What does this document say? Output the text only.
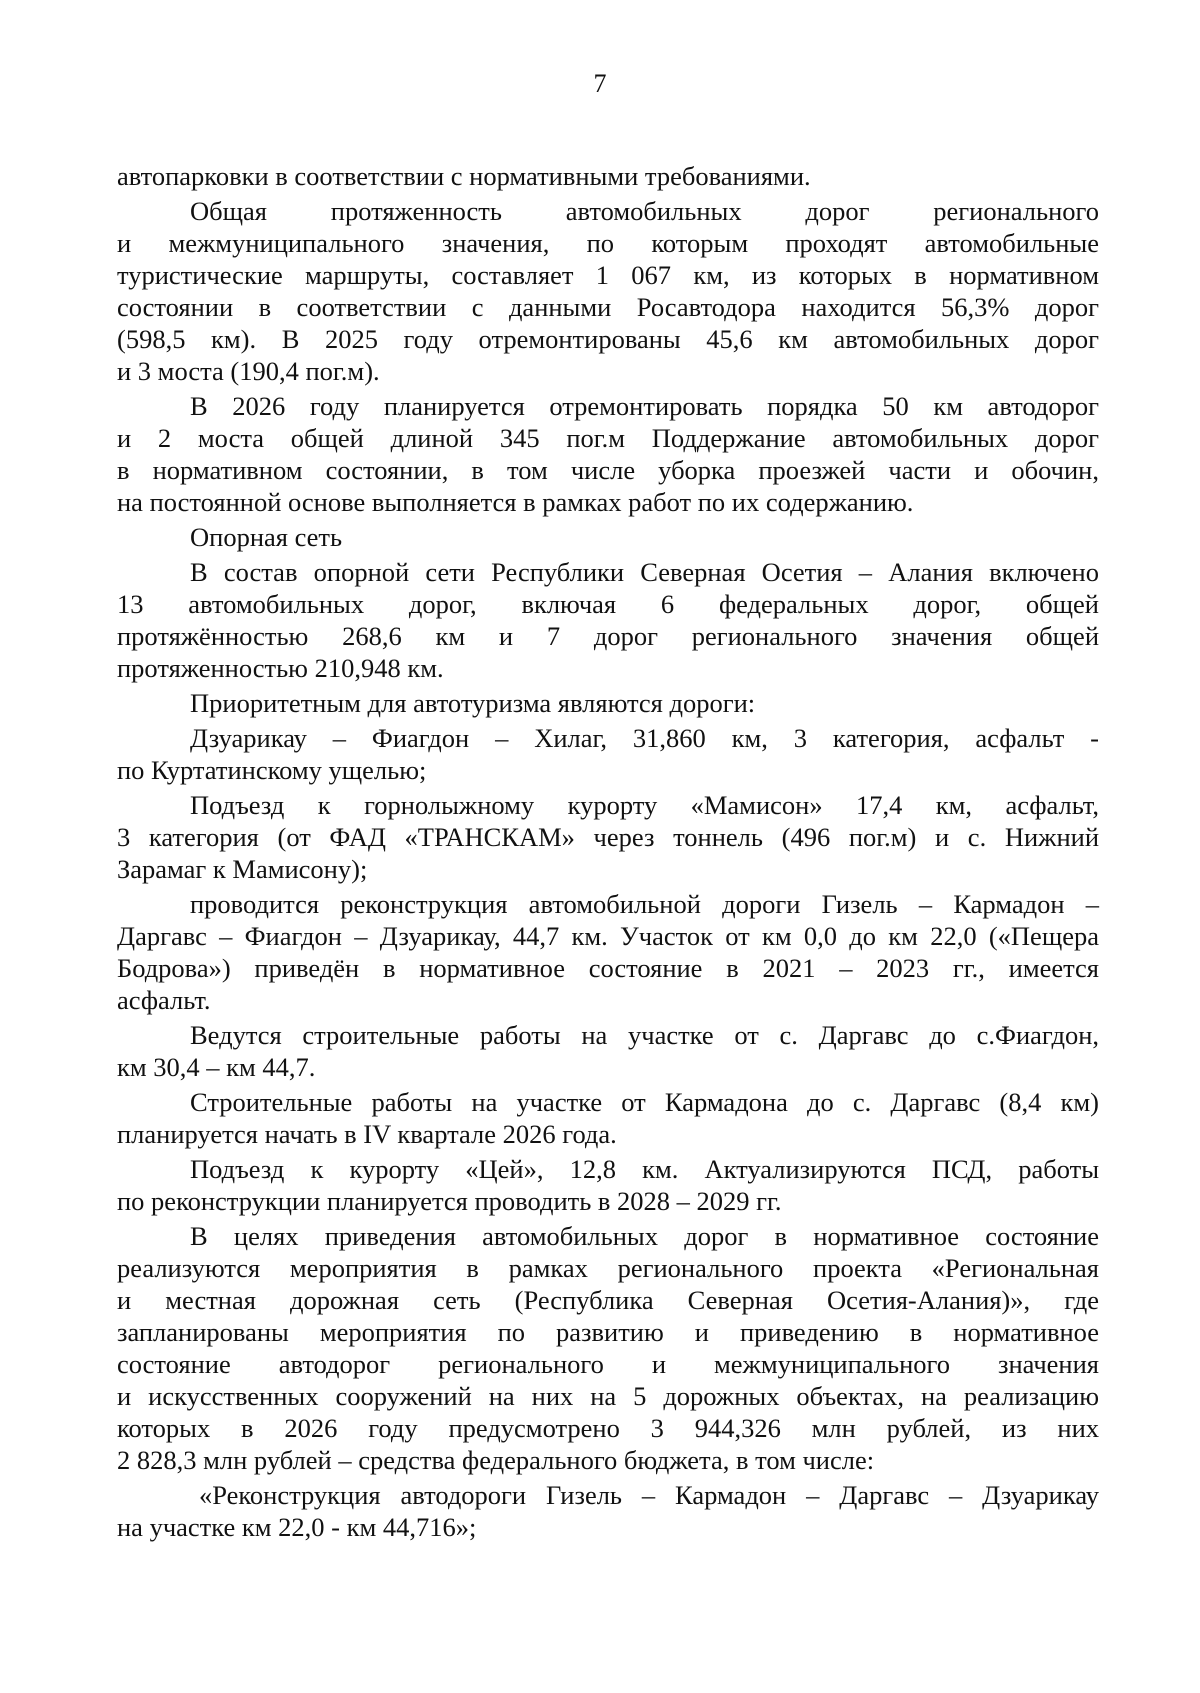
7
автопарковки в соответствии с нормативными требованиями.
Общая протяженность автомобильных дорог регионального
и межмуниципального значения, по которым проходят автомобильные
туристические маршруты, составляет 1 067 км, из которых в нормативном
состоянии в соответствии с данными Росавтодора находится 56,3% дорог
(598,5 км). В 2025 году отремонтированы 45,6 км автомобильных дорог
и 3 моста (190,4 пог.м).
В 2026 году планируется отремонтировать порядка 50 км автодорог
и 2 моста общей длиной 345 пог.м Поддержание автомобильных дорог
в нормативном состоянии, в том числе уборка проезжей части и обочин,
на постоянной основе выполняется в рамках работ по их содержанию.
Опорная сеть
В состав опорной сети Республики Северная Осетия – Алания включено
13 автомобильных дорог, включая 6 федеральных дорог, общей
протяжённостью 268,6 км и 7 дорог регионального значения общей
протяженностью 210,948 км.
Приоритетным для автотуризма являются дороги:
Дзуарикау – Фиагдон – Хилаг, 31,860 км, 3 категория, асфальт -
по Куртатинскому ущелью;
Подъезд к горнолыжному курорту «Мамисон» 17,4 км, асфальт,
3 категория (от ФАД «ТРАНСКАМ» через тоннель (496 пог.м) и с. Нижний
Зарамаг к Мамисону);
проводится реконструкция автомобильной дороги Гизель – Кармадон –
Даргавс – Фиагдон – Дзуарикау, 44,7 км. Участок от км 0,0 до км 22,0 («Пещера
Бодрова») приведён в нормативное состояние в 2021 – 2023 гг., имеется
асфальт.
Ведутся строительные работы на участке от с. Даргавс до с.Фиагдон,
км 30,4 – км 44,7.
Строительные работы на участке от Кармадона до с. Даргавс (8,4 км)
планируется начать в IV квартале 2026 года.
Подъезд к курорту «Цей», 12,8 км. Актуализируются ПСД, работы
по реконструкции планируется проводить в 2028 – 2029 гг.
В целях приведения автомобильных дорог в нормативное состояние
реализуются мероприятия в рамках регионального проекта «Региональная
и местная дорожная сеть (Республика Северная Осетия-Алания)», где
запланированы мероприятия по развитию и приведению в нормативное
состояние автодорог регионального и межмуниципального значения
и искусственных сооружений на них на 5 дорожных объектах, на реализацию
которых в 2026 году предусмотрено 3 944,326 млн рублей, из них
2 828,3 млн рублей – средства федерального бюджета, в том числе:
«Реконструкция автодороги Гизель – Кармадон – Даргавс – Дзуарикау
на участке км 22,0 - км 44,716»;
